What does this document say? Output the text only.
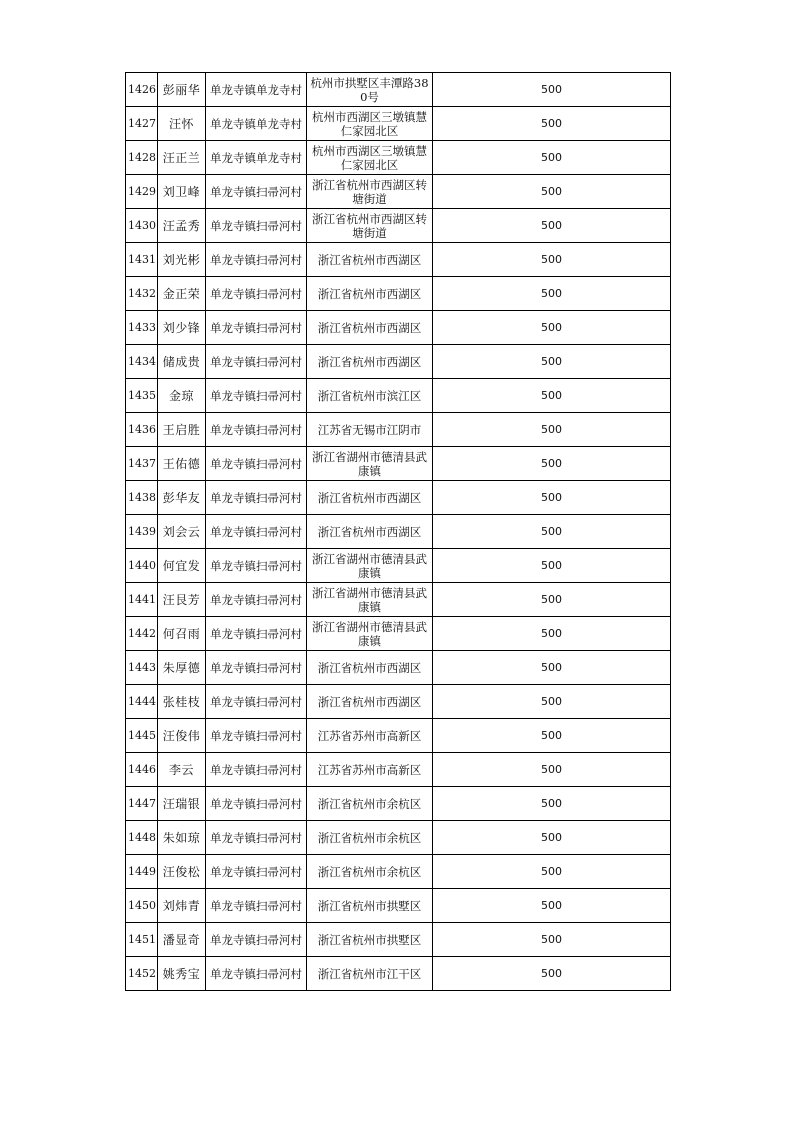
1426	彭丽华	单龙寺镇单龙寺村	杭州市拱墅区丰潭路380号	500
1427	汪怀	单龙寺镇单龙寺村	杭州市西湖区三墩镇慧仁家园北区	500
1428	汪正兰	单龙寺镇单龙寺村	杭州市西湖区三墩镇慧仁家园北区	500
1429	刘卫峰	单龙寺镇扫帚河村	浙江省杭州市西湖区转塘街道	500
1430	汪孟秀	单龙寺镇扫帚河村	浙江省杭州市西湖区转塘街道	500
1431	刘光彬	单龙寺镇扫帚河村	浙江省杭州市西湖区	500
1432	金正荣	单龙寺镇扫帚河村	浙江省杭州市西湖区	500
1433	刘少锋	单龙寺镇扫帚河村	浙江省杭州市西湖区	500
1434	储成贵	单龙寺镇扫帚河村	浙江省杭州市西湖区	500
1435	金琼	单龙寺镇扫帚河村	浙江省杭州市滨江区	500
1436	王启胜	单龙寺镇扫帚河村	江苏省无锡市江阴市	500
1437	王佑德	单龙寺镇扫帚河村	浙江省湖州市德清县武康镇	500
1438	彭华友	单龙寺镇扫帚河村	浙江省杭州市西湖区	500
1439	刘会云	单龙寺镇扫帚河村	浙江省杭州市西湖区	500
1440	何宜发	单龙寺镇扫帚河村	浙江省湖州市德清县武康镇	500
1441	汪艮芳	单龙寺镇扫帚河村	浙江省湖州市德清县武康镇	500
1442	何召雨	单龙寺镇扫帚河村	浙江省湖州市德清县武康镇	500
1443	朱厚德	单龙寺镇扫帚河村	浙江省杭州市西湖区	500
1444	张桂枝	单龙寺镇扫帚河村	浙江省杭州市西湖区	500
1445	汪俊伟	单龙寺镇扫帚河村	江苏省苏州市高新区	500
1446	李云	单龙寺镇扫帚河村	江苏省苏州市高新区	500
1447	汪瑞银	单龙寺镇扫帚河村	浙江省杭州市余杭区	500
1448	朱如琼	单龙寺镇扫帚河村	浙江省杭州市余杭区	500
1449	汪俊松	单龙寺镇扫帚河村	浙江省杭州市余杭区	500
1450	刘炜青	单龙寺镇扫帚河村	浙江省杭州市拱墅区	500
1451	潘显奇	单龙寺镇扫帚河村	浙江省杭州市拱墅区	500
1452	姚秀宝	单龙寺镇扫帚河村	浙江省杭州市江干区	500
